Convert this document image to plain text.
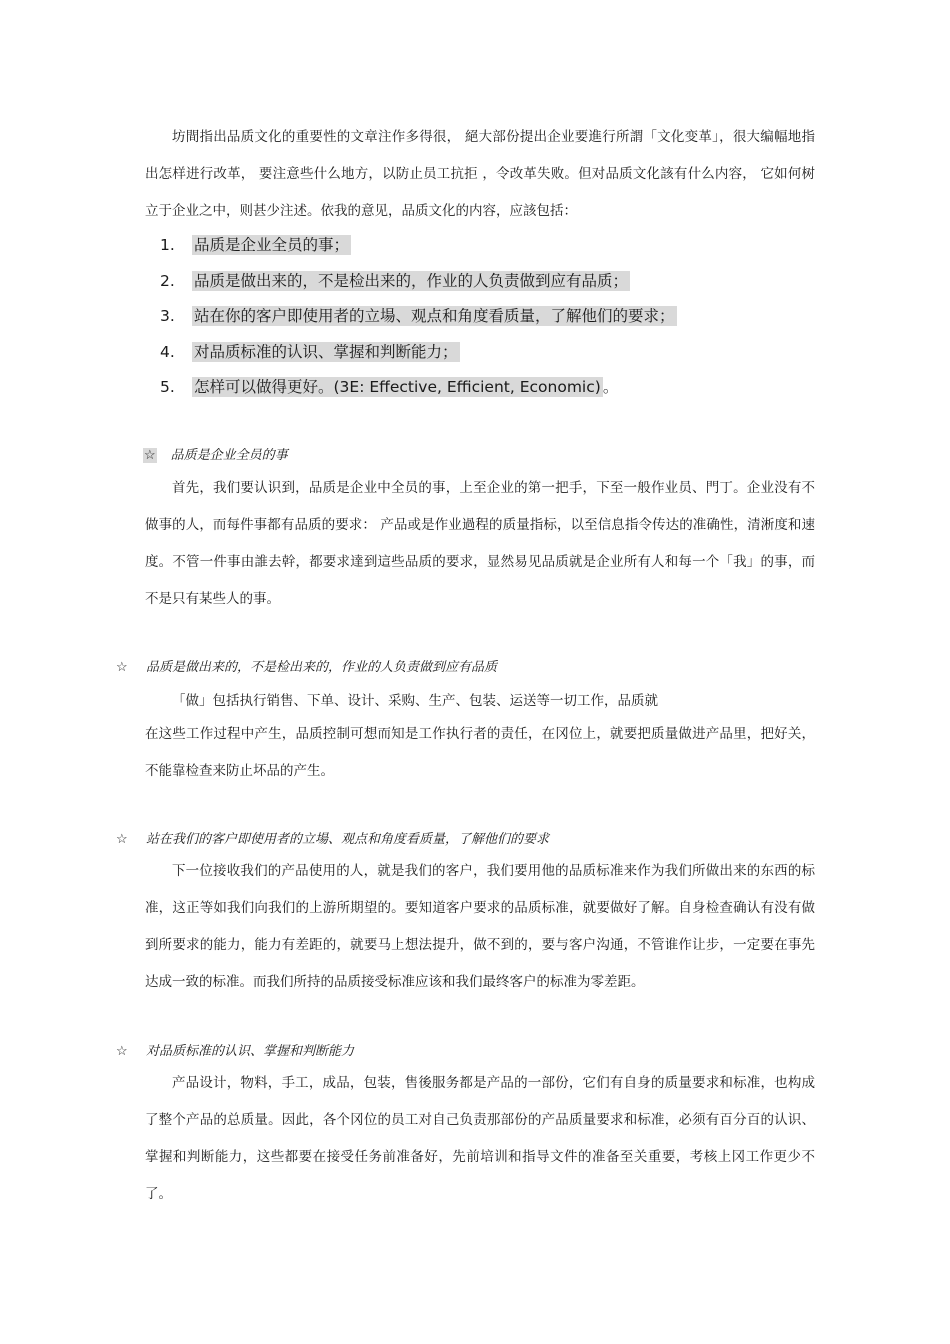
坊間指出品质文化的重要性的文章注作多得很， 絕大部份提出企业要進行所謂「文化变革」，很大编幅地指出怎样进行改革， 要注意些什么地方，以防止员工抗拒 ，令改革失败。但对品质文化該有什么内容， 它如何树立于企业之中，则甚少注述。依我的意见，品质文化的内容，应該包括：

1. 品质是企业全员的事；
2. 品质是做出来的，不是检出来的，作业的人负责做到应有品质；
3. 站在你的客户即使用者的立場、观点和角度看质量，了解他们的要求；
4. 对品质标准的认识、掌握和判断能力；
5. 怎样可以做得更好。(3E: Effective, Efficient, Economic) 。

☆ 品质是企业全员的事

首先，我们要认识到，品质是企业中全员的事，上至企业的第一把手，下至一般作业员、門丁。企业没有不做事的人，而每件事都有品质的要求： 产品或是作业過程的质量指标，以至信息指令传达的准确性，清淅度和速度。不管一件事由誰去幹，都要求達到這些品质的要求，显然易见品质就是企业所有人和每一个「我」的事，而不是只有某些人的事。

☆ 品质是做出来的，不是检出来的，作业的人负责做到应有品质

「做」包括执行销售、下单、设计、采购、生产、包装、运送等一切工作，品质就

在这些工作过程中产生，品质控制可想而知是工作执行者的责任，在冈位上，就要把质量做进产品里，把好关，不能靠检查来防止坏品的产生。

☆ 站在我们的客户即使用者的立場、观点和角度看质量，了解他们的要求

下一位接收我们的产品使用的人，就是我们的客户，我们要用他的品质标准来作为我们所做出来的东西的标准，这正等如我们向我们的上游所期望的。要知道客户要求的品质标准，就要做好了解。自身检查确认有没有做到所要求的能力，能力有差距的，就要马上想法提升，做不到的，要与客户沟通，不管谁作让步，一定要在事先达成一致的标准。而我们所持的品质接受标准应该和我们最终客户的标准为零差距。

☆ 对品质标准的认识、掌握和判断能力

产品设计，物料，手工，成品，包装，售後服务都是产品的一部份，它们有自身的质量要求和标准，也构成了整个产品的总质量。因此，各个冈位的员工对自己负责那部份的产品质量要求和标准，必须有百分百的认识、掌握和判断能力，这些都要在接受任务前准备好，先前培训和指导文件的准备至关重要，考核上冈工作更少不了。
